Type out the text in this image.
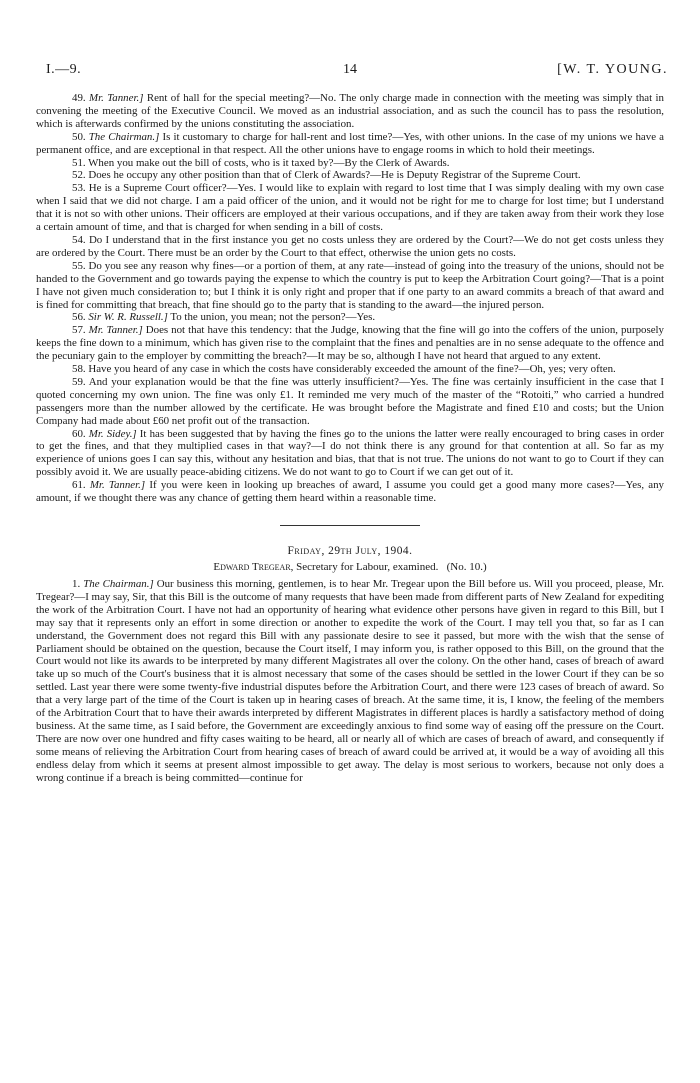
I.—9.	14	[W. T. YOUNG.

49. Mr. Tanner.] Rent of hall for the special meeting?—No. The only charge made in connection with the meeting was simply that in convening the meeting of the Executive Council. We moved as an industrial association, and as such the council has to pass the resolution, which is afterwards confirmed by the unions constituting the association.

50. The Chairman.] Is it customary to charge for hall-rent and lost time?—Yes, with other unions. In the case of my unions we have a permanent office, and are exceptional in that respect. All the other unions have to engage rooms in which to hold their meetings.

51. When you make out the bill of costs, who is it taxed by?—By the Clerk of Awards.

52. Does he occupy any other position than that of Clerk of Awards?—He is Deputy Registrar of the Supreme Court.

53. He is a Supreme Court officer?—Yes. I would like to explain with regard to lost time that I was simply dealing with my own case when I said that we did not charge. I am a paid officer of the union, and it would not be right for me to charge for lost time; but I understand that it is not so with other unions. Their officers are employed at their various occupations, and if they are taken away from their work they lose a certain amount of time, and that is charged for when sending in a bill of costs.

54. Do I understand that in the first instance you get no costs unless they are ordered by the Court?—We do not get costs unless they are ordered by the Court. There must be an order by the Court to that effect, otherwise the union gets no costs.

55. Do you see any reason why fines—or a portion of them, at any rate—instead of going into the treasury of the unions, should not be handed to the Government and go towards paying the expense to which the country is put to keep the Arbitration Court going?—That is a point I have not given much consideration to; but I think it is only right and proper that if one party to an award commits a breach of that award and is fined for committing that breach, that fine should go to the party that is standing to the award—the injured person.

56. Sir W. R. Russell.] To the union, you mean; not the person?—Yes.

57. Mr. Tanner.] Does not that have this tendency: that the Judge, knowing that the fine will go into the coffers of the union, purposely keeps the fine down to a minimum, which has given rise to the complaint that the fines and penalties are in no sense adequate to the offence and the pecuniary gain to the employer by committing the breach?—It may be so, although I have not heard that argued to any extent.

58. Have you heard of any case in which the costs have considerably exceeded the amount of the fine?—Oh, yes; very often.

59. And your explanation would be that the fine was utterly insufficient?—Yes. The fine was certainly insufficient in the case that I quoted concerning my own union. The fine was only £1. It reminded me very much of the master of the “Rotoiti,” who carried a hundred passengers more than the number allowed by the certificate. He was brought before the Magistrate and fined £10 and costs; but the Union Company had made about £60 net profit out of the transaction.

60. Mr. Sidey.] It has been suggested that by having the fines go to the unions the latter were really encouraged to bring cases in order to get the fines, and that they multiplied cases in that way?—I do not think there is any ground for that contention at all. So far as my experience of unions goes I can say this, without any hesitation and bias, that that is not true. The unions do not want to go to Court if they can possibly avoid it. We are usually peace-abiding citizens. We do not want to go to Court if we can get out of it.

61. Mr. Tanner.] If you were keen in looking up breaches of award, I assume you could get a good many more cases?—Yes, any amount, if we thought there was any chance of getting them heard within a reasonable time.

Friday, 29th July, 1904.

Edward Tregear, Secretary for Labour, examined. (No. 10.)

1. The Chairman.] Our business this morning, gentlemen, is to hear Mr. Tregear upon the Bill before us. Will you proceed, please, Mr. Tregear?—I may say, Sir, that this Bill is the outcome of many requests that have been made from different parts of New Zealand for expediting the work of the Arbitration Court. I have not had an opportunity of hearing what evidence other persons have given in regard to this Bill, but I may say that it represents only an effort in some direction or another to expedite the work of the Court. I may tell you that, so far as I can understand, the Government does not regard this Bill with any passionate desire to see it passed, but more with the wish that the sense of Parliament should be obtained on the question, because the Court itself, I may inform you, is rather opposed to this Bill, on the ground that the Court would not like its awards to be interpreted by many different Magistrates all over the colony. On the other hand, cases of breach of award take up so much of the Court's business that it is almost necessary that some of the cases should be settled in the lower Court if they can be so settled. Last year there were some twenty-five industrial disputes before the Arbitration Court, and there were 123 cases of breach of award. So that a very large part of the time of the Court is taken up in hearing cases of breach. At the same time, it is, I know, the feeling of the members of the Arbitration Court that to have their awards interpreted by different Magistrates in different places is hardly a satisfactory method of doing business. At the same time, as I said before, the Government are exceedingly anxious to find some way of easing off the pressure on the Court. There are now over one hundred and fifty cases waiting to be heard, all or nearly all of which are cases of breach of award, and consequently if some means of relieving the Arbitration Court from hearing cases of breach of award could be arrived at, it would be a way of avoiding all this endless delay from which it seems at present almost impossible to get away. The delay is most serious to workers, because not only does a wrong continue if a breach is being committed—continue for
